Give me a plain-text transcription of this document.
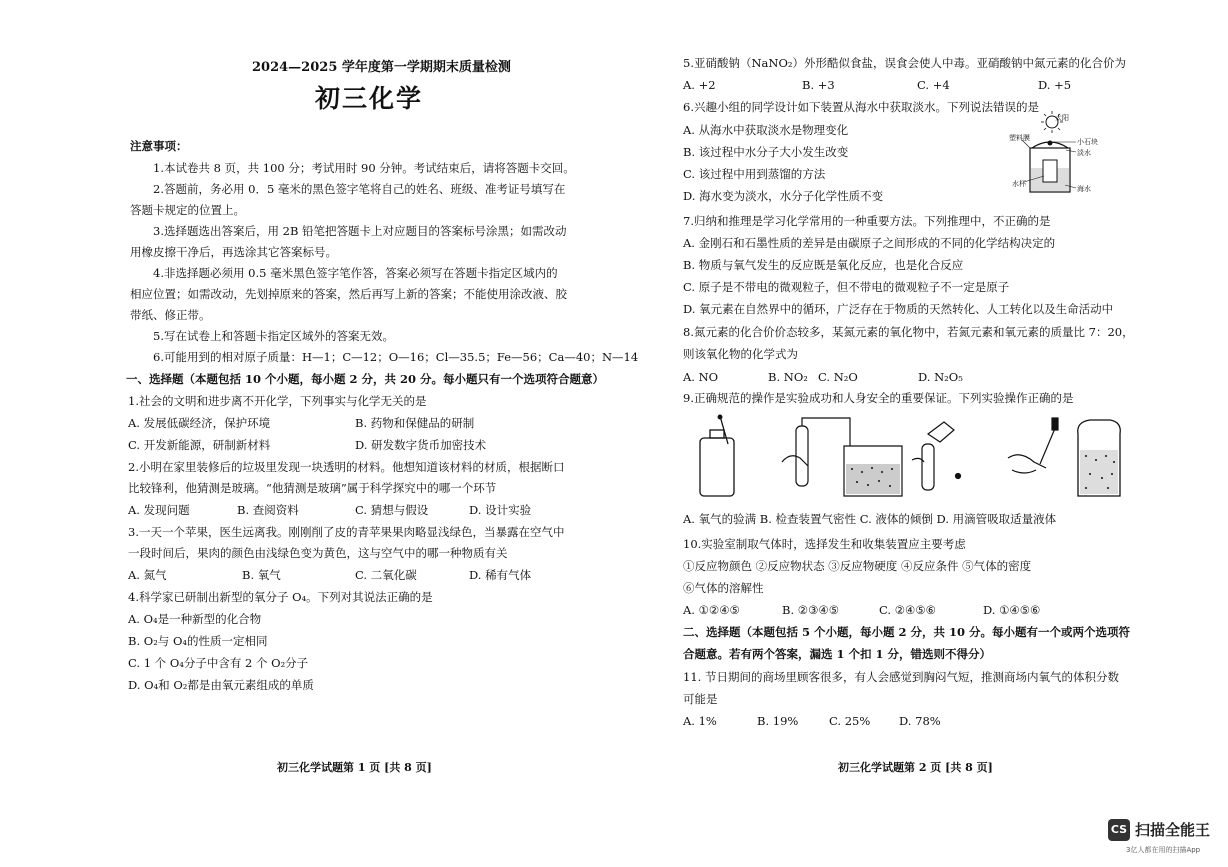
2024—2025 学年度第一学期期末质量检测
初三化学
注意事项：
1.本试卷共 8 页，共 100 分；考试用时 90 分钟。考试结束后，请将答题卡交回。
2.答题前，务必用 0．5 毫米的黑色签字笔将自己的姓名、班级、准考证号填写在
答题卡规定的位置上。
3.选择题选出答案后，用 2B 铅笔把答题卡上对应题目的答案标号涂黑；如需改动
用橡皮擦干净后，再选涂其它答案标号。
4.非选择题必须用 0.5 毫米黑色签字笔作答，答案必须写在答题卡指定区域内的
相应位置；如需改动，先划掉原来的答案，然后再写上新的答案；不能使用涂改液、胶
带纸、修正带。
5.写在试卷上和答题卡指定区域外的答案无效。
6.可能用到的相对原子质量：H—1；C—12；O—16；Cl—35.5；Fe—56；Ca—40；N—14
一、选择题（本题包括 10 个小题，每小题 2 分，共 20 分。每小题只有一个选项符合题意）
1.社会的文明和进步离不开化学，下列事实与化学无关的是
A. 发展低碳经济，保护环境	B. 药物和保健品的研制
C. 开发新能源，研制新材料	D. 研发数字货币加密技术
2.小明在家里装修后的垃圾里发现一块透明的材料。他想知道该材料的材质，根据断口
比较锋利，他猜测是玻璃。“他猜测是玻璃”属于科学探究中的哪一个环节
A. 发现问题	B. 查阅资料	C. 猜想与假设	D. 设计实验
3.一天一个苹果，医生远离我。刚刚削了皮的青苹果果肉略显浅绿色，当暴露在空气中
一段时间后，果肉的颜色由浅绿色变为黄色，这与空气中的哪一种物质有关
A. 氮气	B. 氧气	C. 二氧化碳	D. 稀有气体
4.科学家已研制出新型的氧分子 O₄。下列对其说法正确的是
A. O₄是一种新型的化合物
B. O₂与 O₄的性质一定相同
C. 1 个 O₄分子中含有 2 个 O₂分子
D. O₄和 O₂都是由氧元素组成的单质
初三化学试题第 1 页 [共 8 页]
5.亚硝酸钠（NaNO₂）外形酷似食盐，误食会使人中毒。亚硝酸钠中氮元素的化合价为
A. +2	B. +3	C. +4	D. +5
6.兴趣小组的同学设计如下装置从海水中获取淡水。下列说法错误的是
A. 从海水中获取淡水是物理变化
B. 该过程中水分子大小发生改变
C. 该过程中用到蒸馏的方法
D. 海水变为淡水，水分子化学性质不变
太阳
塑料膜	小石块
淡水
水杯
海水
7.归纳和推理是学习化学常用的一种重要方法。下列推理中，不正确的是
A. 金刚石和石墨性质的差异是由碳原子之间形成的不同的化学结构决定的
B. 物质与氧气发生的反应既是氧化反应，也是化合反应
C. 原子是不带电的微观粒子，但不带电的微观粒子不一定是原子
D. 氧元素在自然界中的循环，广泛存在于物质的天然转化、人工转化以及生命活动中
8.氮元素的化合价价态较多，某氮元素的氧化物中，若氮元素和氧元素的质量比 7：20，
则该氧化物的化学式为
A. NO	B. NO₂ C. N₂O	D. N₂O₅
9.正确规范的操作是实验成功和人身安全的重要保证。下列实验操作正确的是
A. 氧气的验满 B. 检查装置气密性 C. 液体的倾倒 D. 用滴管吸取适量液体
10.实验室制取气体时，选择发生和收集装置应主要考虑
①反应物颜色 ②反应物状态 ③反应物硬度 ④反应条件 ⑤气体的密度
⑥气体的溶解性
A. ①②④⑤	B. ②③④⑤	C. ②④⑤⑥	D. ①④⑤⑥
二、选择题（本题包括 5 个小题，每小题 2 分，共 10 分。每小题有一个或两个选项符
合题意。若有两个答案，漏选 1 个扣 1 分，错选则不得分）
11. 节日期间的商场里顾客很多，有人会感觉到胸闷气短，推测商场内氧气的体积分数
可能是
A. 1%	B. 19%	C. 25% D. 78%
初三化学试题第 2 页 [共 8 页]
CS 扫描全能王
3亿人都在用的扫描App
